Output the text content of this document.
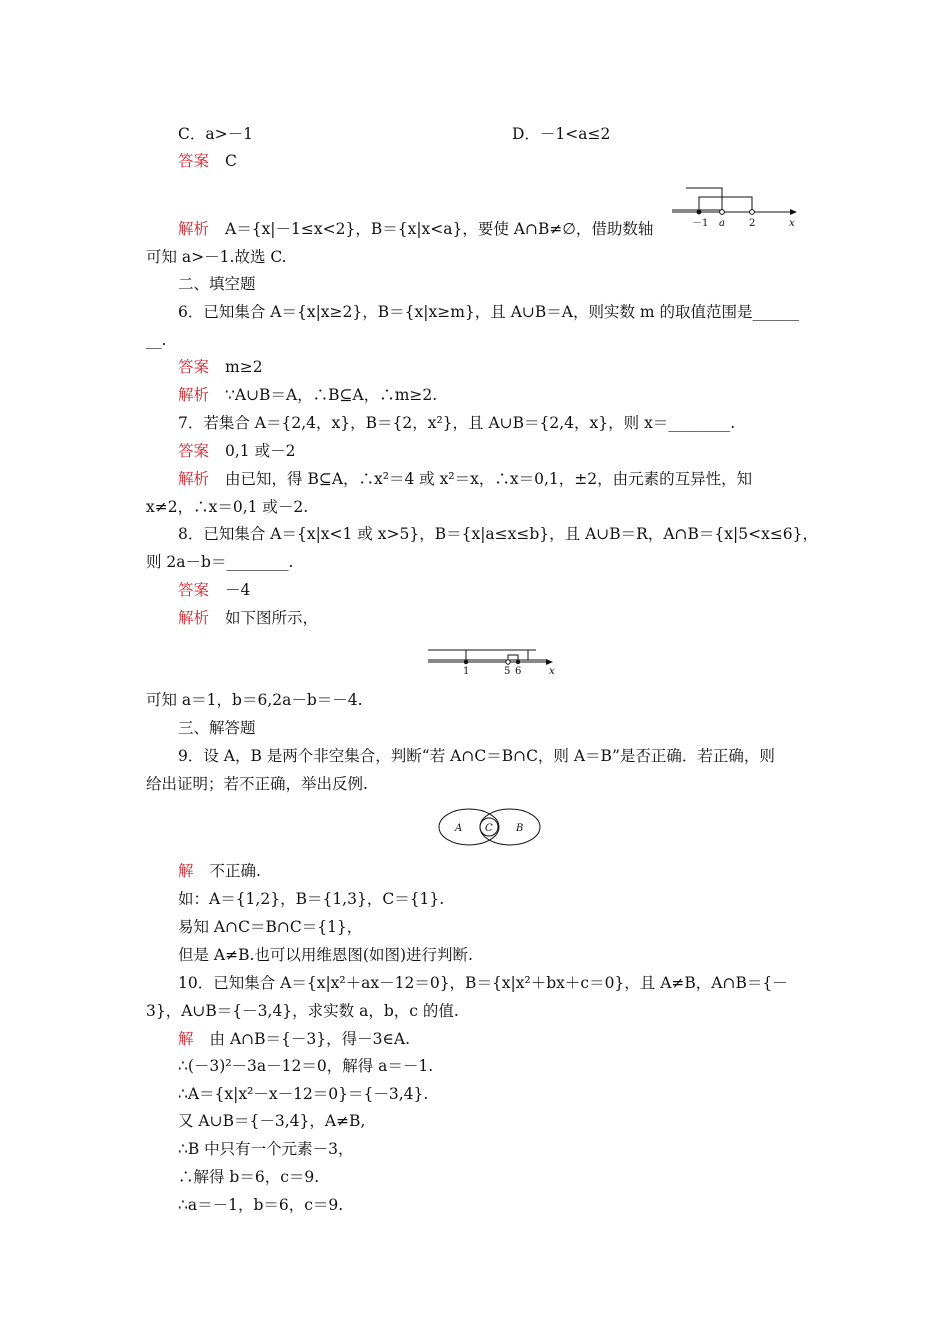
C．a>－1	D．－1<a≤2
答案 C
－1 a 2	x
解析 A＝{x|－1≤x<2}，B＝{x|x<a}，要使 A∩B≠∅，借助数轴
可知 a>－1.故选 C.
二、填空题
6．已知集合 A＝{x|x≥2}，B＝{x|x≥m}，且 A∪B＝A，则实数 m 的取值范围是______
__.
答案 m≥2
解析 ∵A∪B＝A，∴B⊆A，∴m≥2.
7．若集合 A＝{2,4，x}，B＝{2，x²}，且 A∪B＝{2,4，x}，则 x＝________.
答案 0,1 或－2
解析 由已知，得 B⊆A，∴x²＝4 或 x²＝x，∴x＝0,1，±2，由元素的互异性，知
x≠2，∴x＝0,1 或－2.
8．已知集合 A＝{x|x<1 或 x>5}，B＝{x|a≤x≤b}，且 A∪B＝R，A∩B＝{x|5<x≤6}，
则 2a－b＝________.
答案 －4
解析 如下图所示，
1	5 6	x
可知 a＝1，b＝6,2a－b＝－4.
三、解答题
9．设 A，B 是两个非空集合，判断“若 A∩C＝B∩C，则 A＝B”是否正确．若正确，则
给出证明；若不正确，举出反例.
A C B
解 不正确.
如：A＝{1,2}，B＝{1,3}，C＝{1}.
易知 A∩C＝B∩C＝{1}，
但是 A≠B.也可以用维恩图(如图)进行判断.
10．已知集合 A＝{x|x²＋ax－12＝0}，B＝{x|x²＋bx＋c＝0}，且 A≠B，A∩B＝{－
3}，A∪B＝{－3,4}，求实数 a，b，c 的值.
解 由 A∩B＝{－3}，得－3∈A.
∴(－3)²－3a－12＝0，解得 a＝－1.
∴A＝{x|x²－x－12＝0}＝{－3,4}.
又 A∪B＝{－3,4}，A≠B,
∴B 中只有一个元素－3，
∴解得 b＝6，c＝9.
∴a＝－1，b＝6，c＝9.
